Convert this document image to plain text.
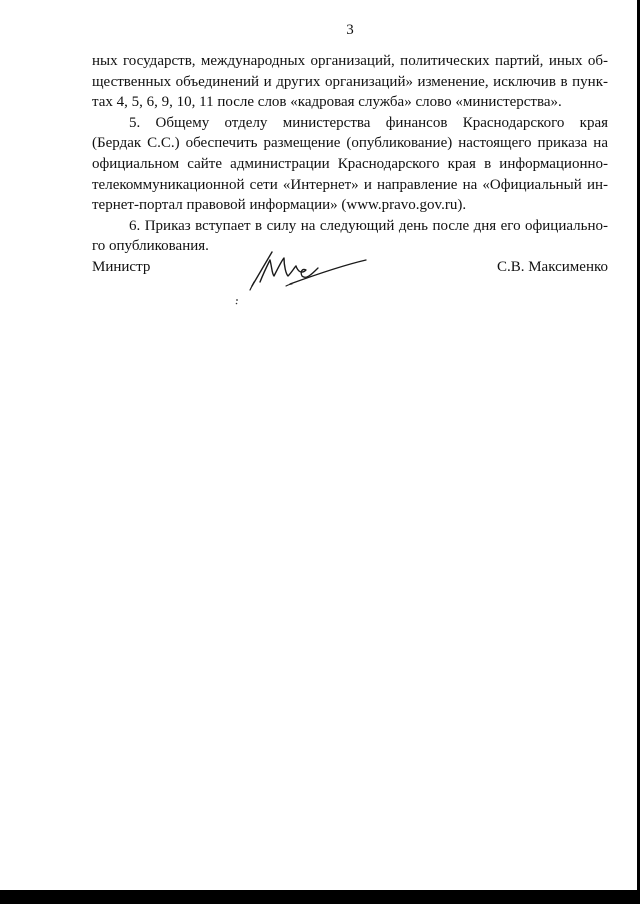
3
ных государств, международных организаций, политических партий, иных об-
щественных объединений и других организаций» изменение, исключив в пунк-
тах 4, 5, 6, 9, 10, 11 после слов «кадровая служба» слово «министерства».
5. Общему отделу министерства финансов Краснодарского края
(Бердак С.С.) обеспечить размещение (опубликование) настоящего приказа на
официальном сайте администрации Краснодарского края в информационно-
телекоммуникационной сети «Интернет» и направление на «Официальный ин-
тернет-портал правовой информации» (www.pravo.gov.ru).
6. Приказ вступает в силу на следующий день после дня его официально-
го опубликования.
Министр	С.В. Максименко
